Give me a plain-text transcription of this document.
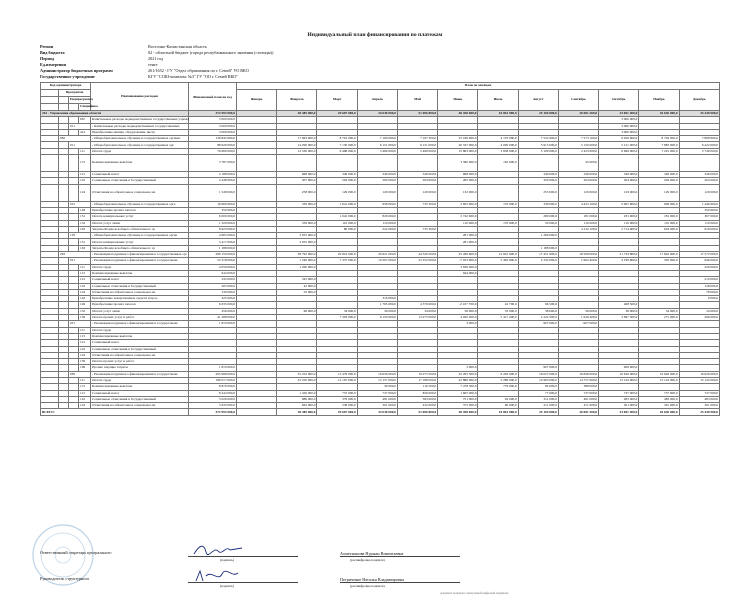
Индивидуальный план финансирования по платежам
Регион	Восточно-Казахстанская область
Вид бюджета	02 - областной бюджет (города республиканского значения (столицы))
Период	2021 год
Ед.измерения	тенге
Администратор бюджетных программ	261/1652 - ГУ "Отдел образования по г. Семей" УО ВКО
Государственное учреждение	КГУ "СОШ-комплекс №3" ГУ "ОО г. Семей ВКО"
Код администратора				Наименование расходов	Финансовый план на год	План по месяцам											
	Программа					Январь	Февраль	Март	Апрель	Май	Июнь	Июль	Август	Сентябрь	Октябрь	Ноябрь	Декабрь
		Подпрограмма															
			Специфика														
261 - Управление образования области					372 993 900,0			38 485 000,0	29 607 000,0	34 030 000,0	51 696 800,0	48 458 600,0	16 861 900,0	25 104 800,0	26 081 300,0	34 691 400,0	26 636 000,0	25 440 900,0
			067	Капитальные расходы подведомственных государственных учрежд	3 000 000,0											3 000 000,0		
		011		- Капитальные расходы подведомственных государственных	3 000 000,0											3 000 000,0		
			414	Приобретение машин, оборудования, инстр	3 000 000,0											3 000 000,0		
	082			- Общеобразовательное обучение в государственных организ	139 845 900,0			17 693 000,0	8 791 000,0	7 109 000,0	7 167 300,0	23 189 000,0	4 170 000,0	7 532 900,0	7 573 100,0	9 956 600,0	8 794 000,0	7 868 900,0
		011		- Общеобразовательное обучение в государственных орг	88 629 000,0			14 299 000,0	7 150 000,0	6 151 000,0	6 151 000,0	20 337 000,0	4 000 000,0	5 915 000,0	5 150 000,0	5 151 000,0	7 883 000,0	6 422 000,0
			111	Оплата труда	76 660 000,0			12 536 000,0	6 468 000,0	5 469 000,0	5 469 000,0	15 863 000,0	3 838 000,0	5 100 000,0	2 423 000,0	6 669 000,0	7 201 000,0	5 740 000,0
			113	Компенсационные выплаты	3 787 000,0							3 580 000,0	162 000,0		45 000,0			
			121	Социальный налог	4 188 000,0			698 000,0	349 000,0	349 000,0	349 000,0	698 000,0		349 000,0	349 000,0	349 000,0	349 000,0	349 000,0
			122	Социальные отчисления в Государственный	2 448 000,0			407 000,0	204 000,0	204 000,0	204 000,0	282 000,0		329 000,0	204 000,0	204 000,0	204 000,0	204 000,0
			124	Отчисления на обязательное социальное ме	1 548 000,0			258 000,0	129 000,0	129 000,0	129 000,0	132 000,0		255 000,0	129 000,0	129 000,0	129 000,0	129 000,0
		015		- Общеобразовательное обучение в государственных орга	16 669 900,0			339 000,0	1 641 000,0	958 000,0	735 300,0	2 852 000,0	170 000,0	339 000,0	4 423 100,0	2 905 600,0	909 000,0	1 446 900,0
			149	Приобретение прочих запасов	350 900,0													350 900,0
			151	Оплата коммунальных услуг	6 000 000,0				1 642 000,0	826 000,0		2 742 000,0		280 000,0	181 000,0	181 000,0	181 000,0	367 000,0
			152	Оплата услуг связи	1 320 000,0			339 000,0	110 000,0	110 000,0		110 000,0	170 000,0	50 000,0	110 000,0	110 000,0	110 000,0	110 000,0
			163	Затраты Фонда всеобщего обязательного ср	8 923 000,0				80 000,0	222 000,0	735 300,0				4 132 100,0	2 714 600,0	618 000,0	618 000,0
		105		- Общеобразовательное обучение в государственных орган	4 665 000,0			3 055 000,0				281 000,0		1 269 000,0				
			151	Оплата коммунальных услуг	3 417 000,0			3 055 000,0				281 000,0						
			163	Затраты Фонда всеобщего обязательного ср	1 188 000,0									1 188 000,0				
	203			- Реализация подушевого финансирования в государственных орг	280 150 000,0			38 792 000,0	20 816 000,0	26 921 000,0	44 529 500,0	25 269 600,0	12 691 900,0	17 451 900,0	18 508 000,0	21 734 800,0	17 842 000,0	17 572 000,0
		011		- Реализация подушевого финансирования в государственн	52 318 000,0			1 546 000,0	7 337 000,0	10 267 000,0	25 252 000,0	-7 023 900,0	5 492 900,0	2 332 000,0	1 662 400,0	4 199 800,0	305 000,0	946 000,0
			111	Оплата труда	4 050 000,0			1 200 000,0				2 630 000,0						226 000,0
			113	Компенсационные выплаты	944 000,0							944 000,0						
			121	Социальный налог	345 000,0			345 000,0										210 000,0
			122	Социальные отчисления в Государственный	205 000,0			42 000,0										128 000,0
			124	Отчисления на обязательное социальное ме	130 000,0			52 000,0										78 000,0
			142	Приобретение лекарственных средств и проч	325 000,0					316 000,0								9 000,0
			149	Приобретение прочих запасов	6 635 000,0					1 765 000,0	4 370 000,0	-2 107 700,0	42 700,0	96 500,0		468 500,0		
			152	Оплата услуг связи	456 000,0			66 000,0	34 000,0	36 000,0	34 000,0	38 000,0	35 000,0	38 000,0	36 000,0	38 000,0	34 000,0	34 000,0
			159	Оплата прочих услуг и работ	41 288 000,0				7 303 000,0	8 150 000,0	13 275 000,0	4 950 200,0	5 417 200,0	2 222 500,0	1 626 400,0	3 697 300,0	271 000,0	266 000,0
		017		- Реализация подушевого финансирования в государственн	1 819 000,0							3 000,0		907 000,0	-907 000,0			
			111	Оплата труда														
			113	Компенсационные выплаты														
			121	Социальный налог														
			122	Социальные отчисления в Государственный														
			124	Отчисления на обязательное социальное ме														
			159	Оплата прочих услуг и работ														
			169	Прочие текущие затраты	1 819 000,0							3 000,0		907 000,0		909 000,0		
		065		- Реализация подушевого финансирования в государственн	205 998 000,0			35 252 000,0	13 479 000,0	16 656 000,0	19 275 500,0	32 293 500,0	6 292 000,0	16 027 000,0	16 846 000,0	16 626 000,0	16 626 000,0	16 626 000,0
			111	Оплата труда	180 017 000,0			32 250 000,0	12 167 000,0	15 157 000,0	17 188 000,0	22 886 000,0	5 286 000,0	14 995 000,0	14 757 000,0	15 143 000,0	15 143 000,0	15 145 000,0
			113	Компенсационные выплаты	8 876 000,0					30 000,0	116 500,0	7 478 500,0	779 000,0	84 000,0	388 000,0			
			121	Социальный налог	8 444 000,0			1 456 000,0	737 000,0	737 000,0	856 000,0	1 665 000,0		77 000,0	737 000,0	737 000,0	737 000,0	737 000,0
			122	Социальные отчисления в Государственный	5 026 000,0			886 000,0	379 000,0	481 000,0	563 000,0	751 000,0	94 000,0	311 000,0	491 000,0	483 000,0	483 000,0	483 000,0
			124	Отчисления на обязательное социальное ме	3 635 000,0			662 000,0	238 000,0	301 000,0	432 000,0	375 000,0	60 000,0	211 000,0	471 000,0	301 000,0	301 000,0	301 000,0
ВСЕГО:					372 993 900,0			38 485 000,0	29 607 000,0	34 030 000,0	51 696 800,0	48 458 600,0	16 861 900,0	25 104 800,0	26 081 300,0	34 691 400,0	26 636 000,0	25 440 900,0
Ответственный секретарь центрального
(подпись)
Ахметжанова Нуржан Викентьевна
(расшифровка подписи)
Руководитель структурного
(подпись)
Петриченко Наталья Владимировна
(расшифровка подписи)
документ подписан электронной цифровой подписью
